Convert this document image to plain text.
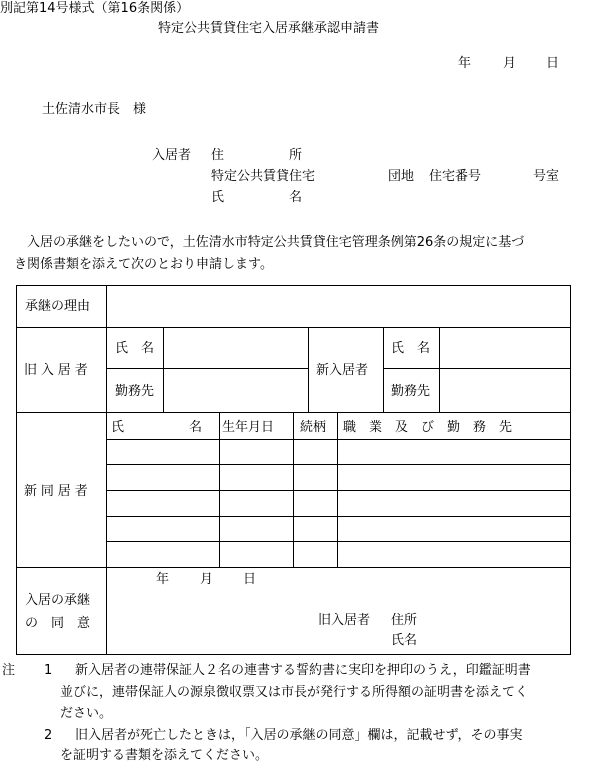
別記第14号様式（第16条関係）
特定公共賃貸住宅入居承継承認申請書
年 月 日
土佐清水市長　様
入居者 住　　　　　所
特定公共賃貸住宅	団地 住宅番号	号室
氏　　　　　名
　入居の承継をしたいので，土佐清水市特定公共賃貸住宅管理条例第26条の規定に基づ
き関係書類を添えて次のとおり申請します。
承継の理由
旧入居者
氏　名
勤務先
新入居者
氏　名
勤務先
新同居者
氏　　　　　名 生年月日 続柄 職　業　及　び　勤　務　先
入居の承継
の　同　意
年 月 日
旧入居者 住所
氏名
注 1 新入居者の連帯保証人２名の連書する誓約書に実印を押印のうえ，印鑑証明書
並びに，連帯保証人の源泉徴収票又は市長が発行する所得額の証明書を添えてく
ださい。
2 旧入居者が死亡したときは，「入居の承継の同意」欄は，記載せず，その事実
を証明する書類を添えてください。
